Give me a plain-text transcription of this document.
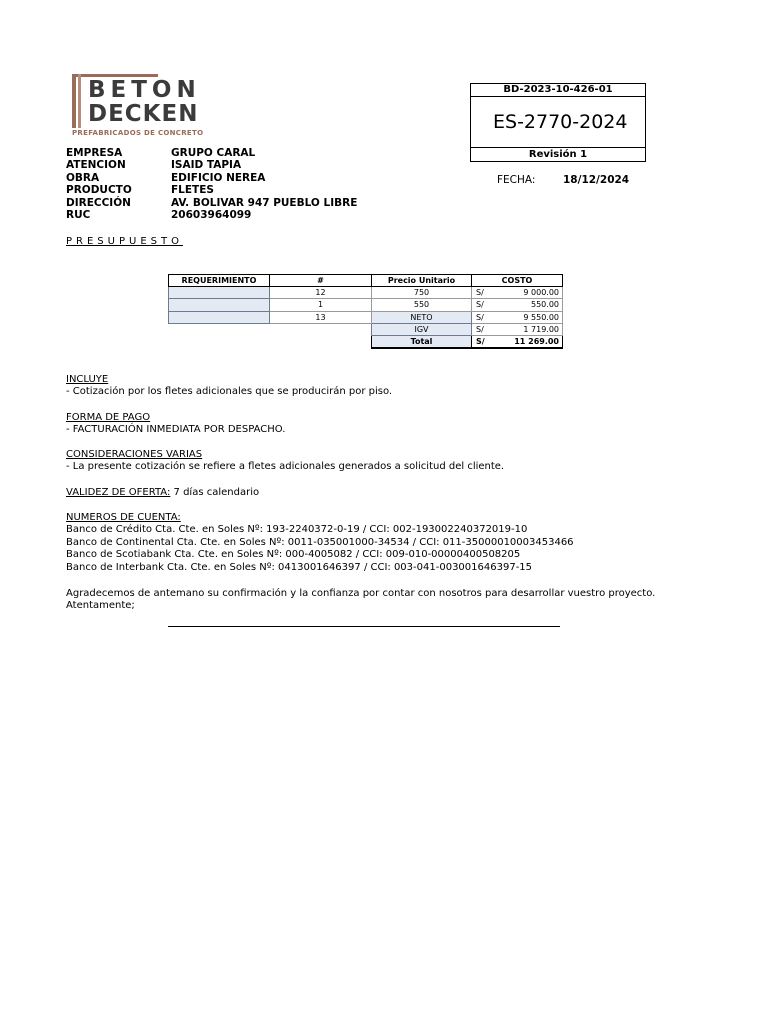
BETON
DECKEN
PREFABRICADOS DE CONCRETO
BD-2023-10-426-01
ES-2770-2024
Revisión 1
EMPRESA	GRUPO CARAL
ATENCION	ISAID TAPIA
OBRA	EDIFICIO NEREA
PRODUCTO	FLETES
DIRECCIÓN	AV. BOLIVAR 947 PUEBLO LIBRE
RUC	20603964099
FECHA:	18/12/2024
PRESUPUESTO
REQUERIMIENTO	#	Precio Unitario	COSTO
	12	750	S/ 9 000.00
	1	550	S/ 550.00
	13	NETO	S/ 9 550.00
		IGV	S/ 1 719.00
		Total	S/ 11 269.00
INCLUYE
- Cotización por los fletes adicionales que se producirán por piso.
FORMA DE PAGO
- FACTURACIÓN INMEDIATA POR DESPACHO.
CONSIDERACIONES VARIAS
- La presente cotización se refiere a fletes adicionales generados a solicitud del cliente.
VALIDEZ DE OFERTA: 7 días calendario
NUMEROS DE CUENTA:
Banco de Crédito Cta. Cte. en Soles Nº: 193-2240372-0-19 / CCI: 002-193002240372019-10
Banco de Continental Cta. Cte. en Soles Nº: 0011-035001000-34534 / CCI: 011-35000010003453466
Banco de Scotiabank Cta. Cte. en Soles Nº: 000-4005082 / CCI: 009-010-00000400508205
Banco de Interbank Cta. Cte. en Soles Nº: 0413001646397 / CCI: 003-041-003001646397-15
Agradecemos de antemano su confirmación y la confianza por contar con nosotros para desarrollar vuestro proyecto.
Atentamente;
